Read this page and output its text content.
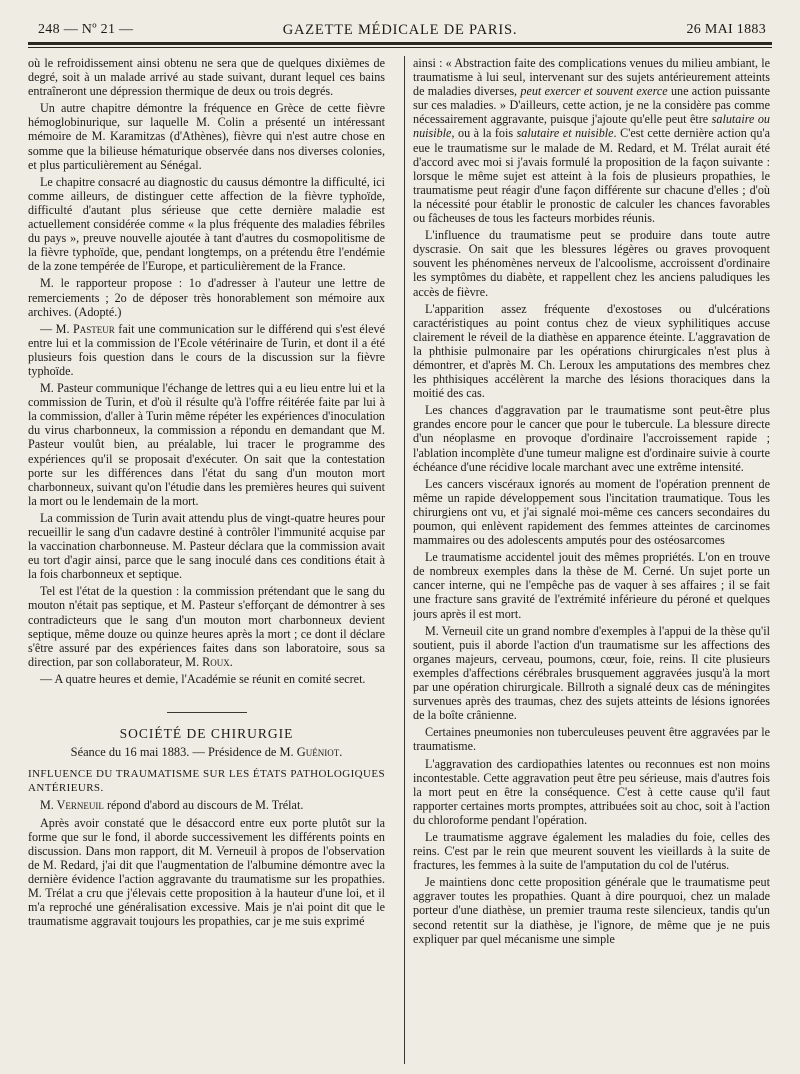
248 — Nº 21 —	GAZETTE MÉDICALE DE PARIS.	26 MAI 1883

où le refroidissement ainsi obtenu ne sera que de quelques dixièmes de degré, soit à un malade arrivé au stade suivant, durant lequel ces bains entraîneront une dépression thermique de deux ou trois degrés.

Un autre chapitre démontre la fréquence en Grèce de cette fièvre hémoglobinurique, sur laquelle M. Colin a présenté un intéressant mémoire de M. Karamitzas (d'Athènes), fièvre qui n'est autre chose en somme que la bilieuse hématurique observée dans nos diverses colonies, et plus particulièrement au Sénégal.

Le chapitre consacré au diagnostic du causus démontre la difficulté, ici comme ailleurs, de distinguer cette affection de la fièvre typhoïde, difficulté d'autant plus sérieuse que cette dernière maladie est actuellement considérée comme « la plus fréquente des maladies fébriles du pays », preuve nouvelle ajoutée à tant d'autres du cosmopolitisme de la fièvre typhoïde, que, pendant longtemps, on a prétendu être l'endémie de la zone tempérée de l'Europe, et particulièrement de la France.

M. le rapporteur propose : 1o d'adresser à l'auteur une lettre de remerciements ; 2o de déposer très honorablement son mémoire aux archives. (Adopté.)

— M. Pasteur fait une communication sur le différend qui s'est élevé entre lui et la commission de l'Ecole vétérinaire de Turin, et dont il a été plusieurs fois question dans le cours de la discussion sur la fièvre typhoïde.

M. Pasteur communique l'échange de lettres qui a eu lieu entre lui et la commission de Turin, et d'où il résulte qu'à l'offre réitérée faite par lui à la commission, d'aller à Turin même répéter les expériences d'inoculation du virus charbonneux, la commission a répondu en demandant que M. Pasteur voulût bien, au préalable, lui tracer le programme des expériences qu'il se proposait d'exécuter. On sait que la contestation porte sur les différences dans l'état du sang d'un mouton mort charbonneux, suivant qu'on l'étudie dans les premières heures qui suivent la mort ou le lendemain de la mort.

La commission de Turin avait attendu plus de vingt-quatre heures pour recueillir le sang d'un cadavre destiné à contrôler l'immunité acquise par la vaccination charbonneuse. M. Pasteur déclara que la commission avait eu tort d'agir ainsi, parce que le sang inoculé dans ces conditions était à la fois charbonneux et septique.

Tel est l'état de la question : la commission prétendant que le sang du mouton n'était pas septique, et M. Pasteur s'efforçant de démontrer à ses contradicteurs que le sang d'un mouton mort charbonneux devient septique, même douze ou quinze heures après la mort ; ce dont il déclare s'être assuré par des expériences faites dans son laboratoire, sous sa direction, par son collaborateur, M. Roux.

— A quatre heures et demie, l'Académie se réunit en comité secret.

SOCIÉTÉ DE CHIRURGIE
Séance du 16 mai 1883. — Présidence de M. Guéniot.

INFLUENCE DU TRAUMATISME SUR LES ÉTATS PATHOLOGIQUES ANTÉRIEURS.

M. Verneuil répond d'abord au discours de M. Trélat.

Après avoir constaté que le désaccord entre eux porte plutôt sur la forme que sur le fond, il aborde successivement les différents points en discussion. Dans mon rapport, dit M. Verneuil à propos de l'observation de M. Redard, j'ai dit que l'augmentation de l'albumine démontre avec la dernière évidence l'action aggravante du traumatisme sur les propathies. M. Trélat a cru que j'élevais cette proposition à la hauteur d'une loi, et il m'a reproché une généralisation excessive. Mais je n'ai point dit que le traumatisme aggravait toujours les propathies, car je me suis exprimé

ainsi : « Abstraction faite des complications venues du milieu ambiant, le traumatisme à lui seul, intervenant sur des sujets antérieurement atteints de maladies diverses, peut exercer et souvent exerce une action puissante sur ces maladies. » D'ailleurs, cette action, je ne la considère pas comme nécessairement aggravante, puisque j'ajoute qu'elle peut être salutaire ou nuisible, ou à la fois salutaire et nuisible. C'est cette dernière action qu'a eue le traumatisme sur le malade de M. Redard, et M. Trélat aurait été d'accord avec moi si j'avais formulé la proposition de la façon suivante : lorsque le même sujet est atteint à la fois de plusieurs propathies, le traumatisme peut réagir d'une façon différente sur chacune d'elles ; d'où la nécessité pour établir le pronostic de calculer les chances favorables ou fâcheuses de tous les facteurs morbides réunis.

L'influence du traumatisme peut se produire dans toute autre dyscrasie. On sait que les blessures légères ou graves provoquent souvent les phénomènes nerveux de l'alcoolisme, accroissent d'ordinaire les symptômes du diabète, et rappellent chez les anciens paludiques les accès de fièvre.

L'apparition assez fréquente d'exostoses ou d'ulcérations caractéristiques au point contus chez de vieux syphilitiques accuse clairement le réveil de la diathèse en apparence éteinte. L'aggravation de la phthisie pulmonaire par les opérations chirurgicales n'est plus à démontrer, et d'après M. Ch. Leroux les amputations des membres chez les phthisiques accélèrent la marche des lésions thoraciques dans la moitié des cas.

Les chances d'aggravation par le traumatisme sont peut-être plus grandes encore pour le cancer que pour le tubercule. La blessure directe d'un néoplasme en provoque d'ordinaire l'accroissement rapide ; l'ablation incomplète d'une tumeur maligne est d'ordinaire suivie à courte échéance d'une récidive locale marchant avec une extrême intensité.

Les cancers viscéraux ignorés au moment de l'opération prennent de même un rapide développement sous l'incitation traumatique. Tous les chirurgiens ont vu, et j'ai signalé moi-même ces cancers secondaires du poumon, qui enlèvent rapidement des femmes atteintes de carcinomes mammaires ou des adolescents amputés pour des ostéosarcomes

Le traumatisme accidentel jouit des mêmes propriétés. L'on en trouve de nombreux exemples dans la thèse de M. Cerné. Un sujet porte un cancer interne, qui ne l'empêche pas de vaquer à ses affaires ; il se fait une fracture sans gravité de l'extrémité inférieure du péroné et quelques jours après il est mort.

M. Verneuil cite un grand nombre d'exemples à l'appui de la thèse qu'il soutient, puis il aborde l'action d'un traumatisme sur les affections des organes majeurs, cerveau, poumons, cœur, foie, reins. Il cite plusieurs exemples d'affections cérébrales brusquement aggravées jusqu'à la mort par une opération chirurgicale. Billroth a signalé deux cas de méningites survenues après des traumas, chez des sujets atteints de lésions ignorées de la boîte crânienne.

Certaines pneumonies non tuberculeuses peuvent être aggravées par le traumatisme.

L'aggravation des cardiopathies latentes ou reconnues est non moins incontestable. Cette aggravation peut être peu sérieuse, mais d'autres fois la mort peut en être la conséquence. C'est à cette cause qu'il faut rapporter certaines morts promptes, attribuées soit au choc, soit à l'action du chloroforme pendant l'opération.

Le traumatisme aggrave également les maladies du foie, celles des reins. C'est par le rein que meurent souvent les vieillards à la suite de fractures, les femmes à la suite de l'amputation du col de l'utérus.

Je maintiens donc cette proposition générale que le traumatisme peut aggraver toutes les propathies. Quant à dire pourquoi, chez un malade porteur d'une diathèse, un premier trauma reste silencieux, tandis qu'un second retentit sur la diathèse, je l'ignore, de même que je ne puis expliquer par quel mécanisme une simple
